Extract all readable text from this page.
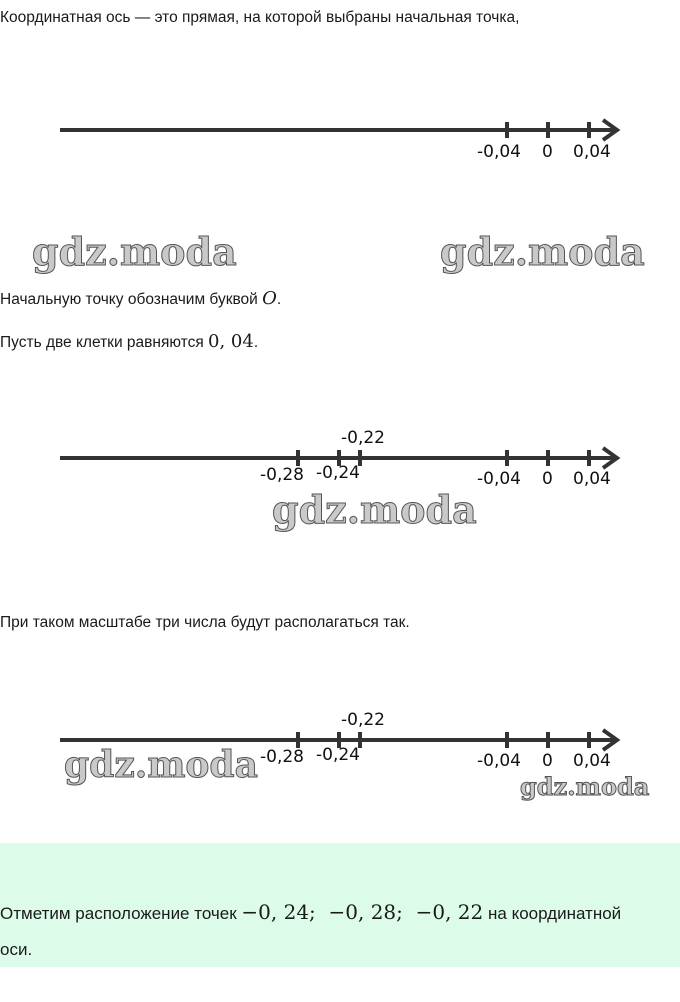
Координатная ось — это прямая, на которой выбраны начальная точка,
-0,04 0 0,04
gdz.moda	gdz.moda
Начальную точку обозначим буквой O.
Пусть две клетки равняются 0, 04.
-0,28 -0,24
-0,22
-0,04 0 0,04
gdz.moda
При таком масштабе три числа будут располагаться так.
-0,28 -0,24
-0,22
-0,04 0 0,04
gdz.moda
gdz.moda
Отметим расположение точек −0, 24;  −0, 28;  −0, 22 на координатной
оси.
